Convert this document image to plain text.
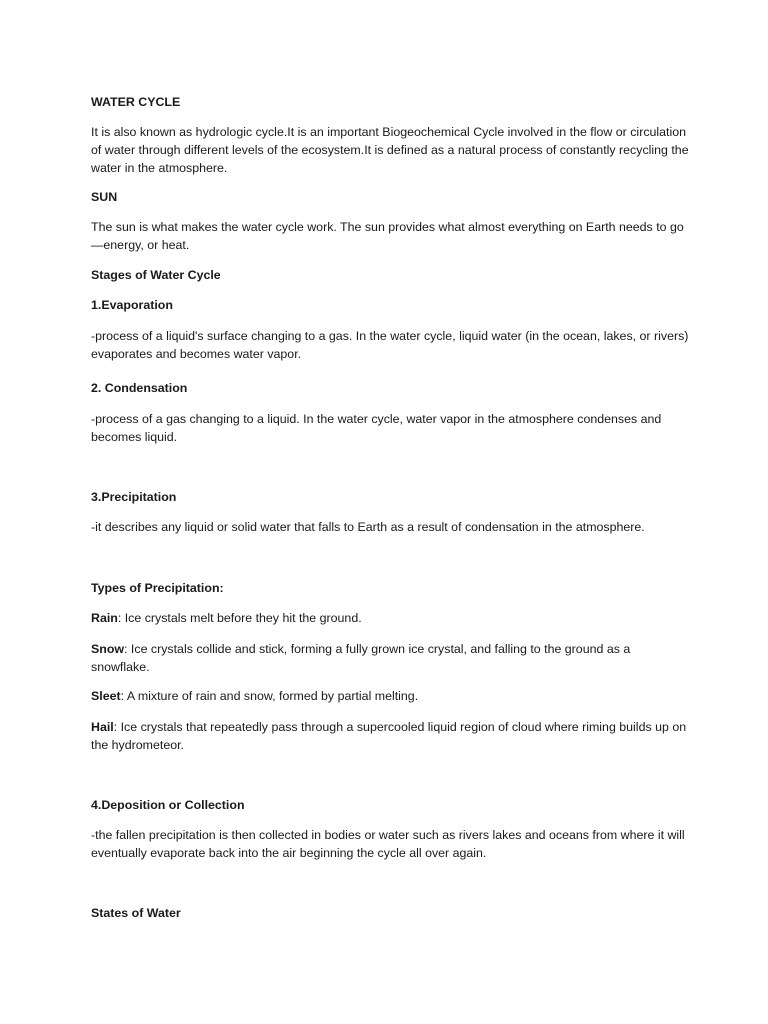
WATER CYCLE

It is also known as hydrologic cycle.It is an important Biogeochemical Cycle involved in the flow or circulation of water through different levels of the ecosystem.It is defined as a natural process of constantly recycling the water in the atmosphere.

SUN

The sun is what makes the water cycle work. The sun provides what almost everything on Earth needs to go—energy, or heat.

Stages of Water Cycle

1.Evaporation

-process of a liquid's surface changing to a gas. In the water cycle, liquid water (in the ocean, lakes, or rivers) evaporates and becomes water vapor.

2. Condensation

-process of a gas changing to a liquid. In the water cycle, water vapor in the atmosphere condenses and becomes liquid.

3.Precipitation

-it describes any liquid or solid water that falls to Earth as a result of condensation in the atmosphere.

Types of Precipitation:

Rain: Ice crystals melt before they hit the ground.

Snow: Ice crystals collide and stick, forming a fully grown ice crystal, and falling to the ground as a snowflake.

Sleet: A mixture of rain and snow, formed by partial melting.

Hail: Ice crystals that repeatedly pass through a supercooled liquid region of cloud where riming builds up on the hydrometeor.

4.Deposition or Collection

-the fallen precipitation is then collected in bodies or water such as rivers lakes and oceans from where it will eventually evaporate back into the air beginning the cycle all over again.

States of Water
